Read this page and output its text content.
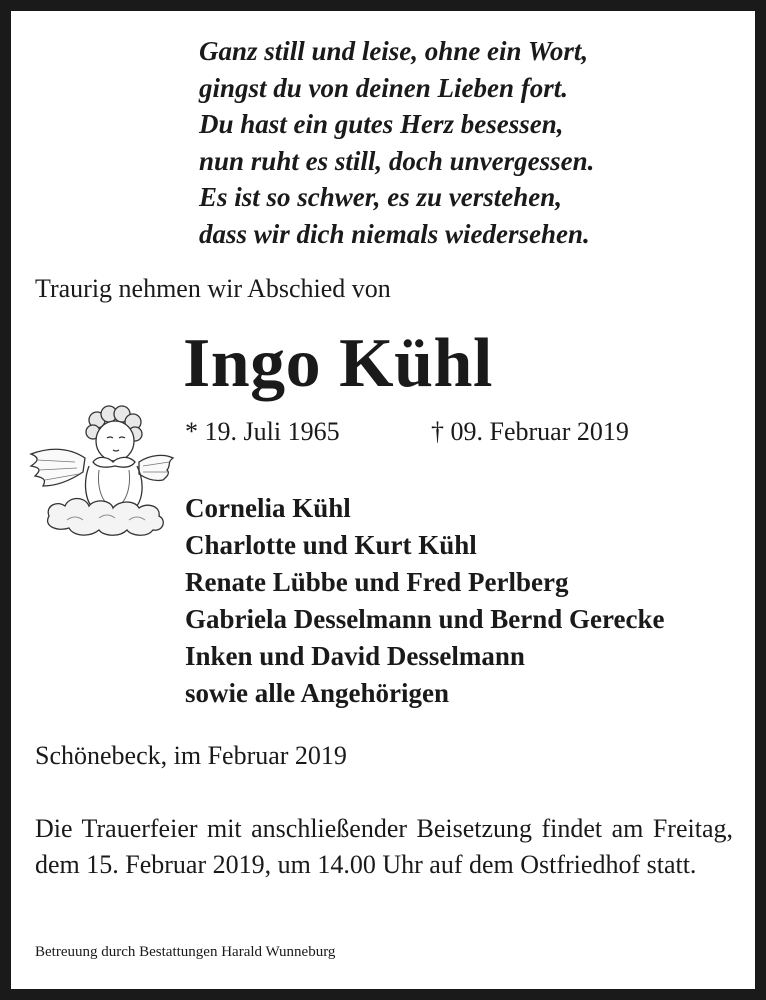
Ganz still und leise, ohne ein Wort,
gingst du von deinen Lieben fort.
Du hast ein gutes Herz besessen,
nun ruht es still, doch unvergessen.
Es ist so schwer, es zu verstehen,
dass wir dich niemals wiedersehen.
Traurig nehmen wir Abschied von
Ingo Kühl
* 19. Juli 1965	† 09. Februar 2019
Cornelia Kühl
Charlotte und Kurt Kühl
Renate Lübbe und Fred Perlberg
Gabriela Desselmann und Bernd Gerecke
Inken und David Desselmann
sowie alle Angehörigen
Schönebeck, im Februar 2019
Die Trauerfeier mit anschließender Beisetzung findet am Freitag, dem 15. Februar 2019, um 14.00 Uhr auf dem Ostfriedhof statt.
Betreuung durch Bestattungen Harald Wunneburg
